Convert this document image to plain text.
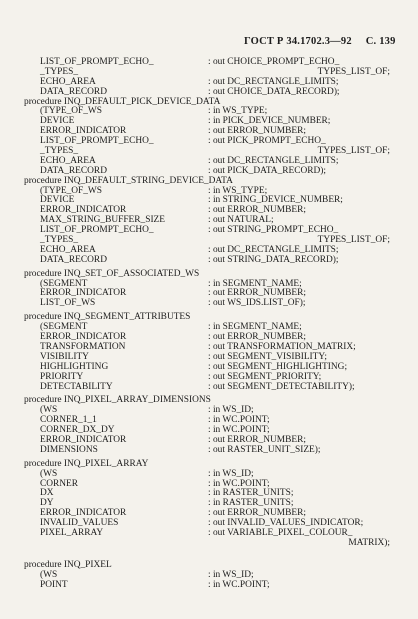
ГОСТ Р 34.1702.3—92 С. 139
LIST_OF_PROMPT_ECHO_	: out CHOICE_PROMPT_ECHO_
_TYPES_	TYPES_LIST_OF;
ECHO_AREA	: out DC_RECTANGLE_LIMITS;
DATA_RECORD	: out CHOICE_DATA_RECORD);
procedure INQ_DEFAULT_PICK_DEVICE_DATA
(TYPE_OF_WS	: in WS_TYPE;
DEVICE	: in PICK_DEVICE_NUMBER;
ERROR_INDICATOR	: out ERROR_NUMBER;
LIST_OF_PROMPT_ECHO_	: out PICK_PROMPT_ECHO_
_TYPES_	TYPES_LIST_OF;
ECHO_AREA	: out DC_RECTANGLE_LIMITS;
DATA_RECORD	: out PICK_DATA_RECORD);
procedure INQ_DEFAULT_STRING_DEVICE_DATA
(TYPE_OF_WS	: in WS_TYPE;
DEVICE	: in STRING_DEVICE_NUMBER;
ERROR_INDICATOR	: out ERROR_NUMBER;
MAX_STRING_BUFFER_SIZE	: out NATURAL;
LIST_OF_PROMPT_ECHO_	: out STRING_PROMPT_ECHO_
_TYPES_	TYPES_LIST_OF;
ECHO_AREA	: out DC_RECTANGLE_LIMITS;
DATA_RECORD	: out STRING_DATA_RECORD);
procedure INQ_SET_OF_ASSOCIATED_WS
(SEGMENT	: in SEGMENT_NAME;
ERROR_INDICATOR	: out ERROR_NUMBER;
LIST_OF_WS	: out WS_IDS.LIST_OF);
procedure INQ_SEGMENT_ATTRIBUTES
(SEGMENT	: in SEGMENT_NAME;
ERROR_INDICATOR	: out ERROR_NUMBER;
TRANSFORMATION	: out TRANSFORMATION_MATRIX;
VISIBILITY	: out SEGMENT_VISIBILITY;
HIGHLIGHTING	: out SEGMENT_HIGHLIGHTING;
PRIORITY	: out SEGMENT_PRIORITY;
DETECTABILITY	: out SEGMENT_DETECTABILITY);
procedure INQ_PIXEL_ARRAY_DIMENSIONS
(WS	: in WS_ID;
CORNER_1_1	: in WC.POINT;
CORNER_DX_DY	: in WC.POINT;
ERROR_INDICATOR	: out ERROR_NUMBER;
DIMENSIONS	: out RASTER_UNIT_SIZE);
procedure INQ_PIXEL_ARRAY
(WS	: in WS_ID;
CORNER	: in WC.POINT;
DX	: in RASTER_UNITS;
DY	: in RASTER_UNITS;
ERROR_INDICATOR	: out ERROR_NUMBER;
INVALID_VALUES	: out INVALID_VALUES_INDICATOR;
PIXEL_ARRAY	: out VARIABLE_PIXEL_COLOUR_
MATRIX);
procedure INQ_PIXEL
(WS	: in WS_ID;
POINT	: in WC.POINT;
